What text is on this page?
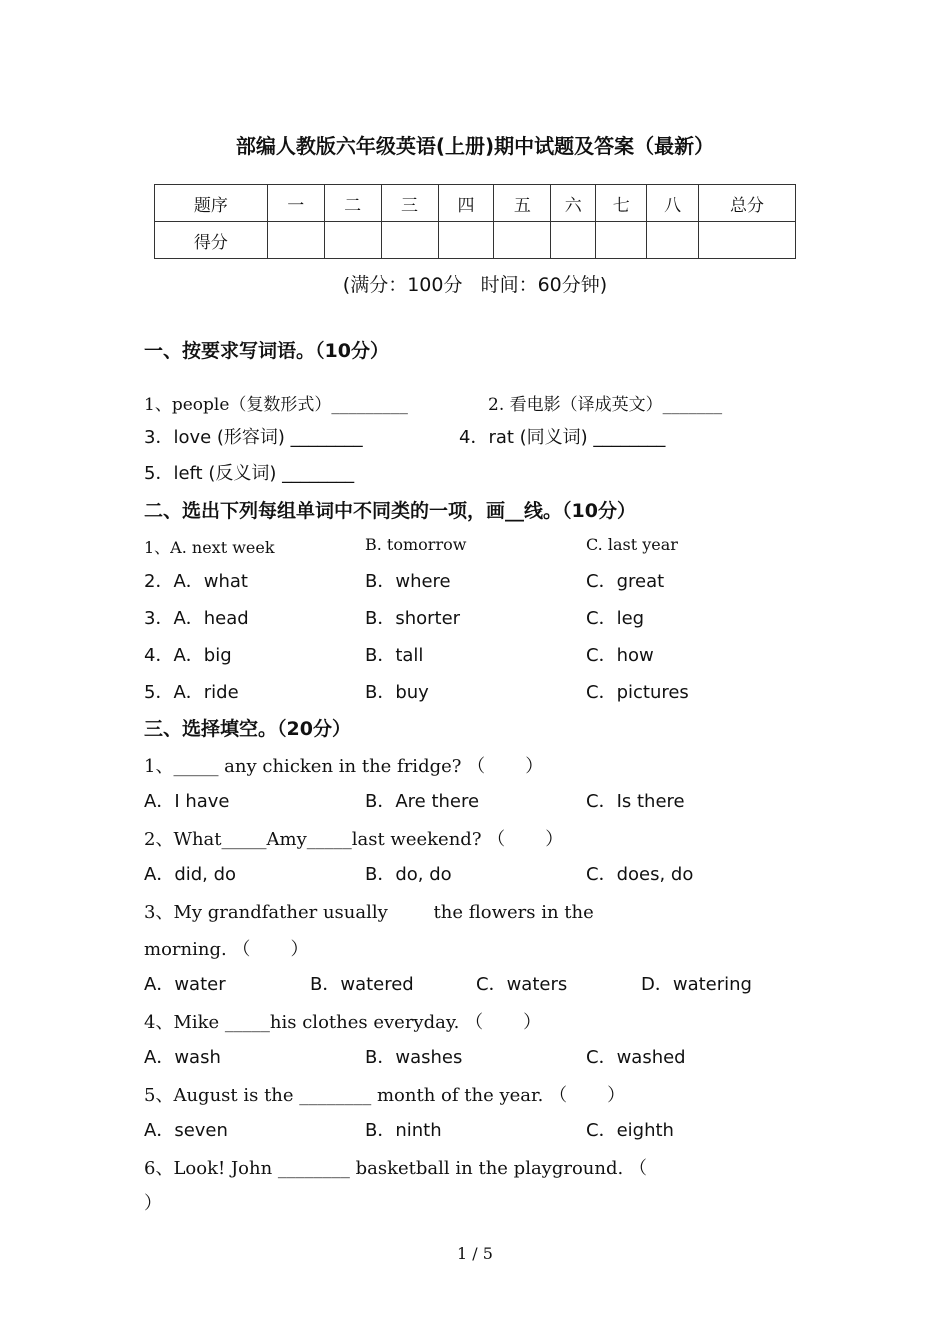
部编人教版六年级英语(上册)期中试题及答案（最新）
题序	一	二	三	四	五	六	七	八	总分
得分									
(满分：100分   时间：60分钟)
一、按要求写词语。（10分）
1、people（复数形式）_________	2. 看电影（译成英文）_______
3．love (形容词) ________	4．rat (同义词) ________
5．left (反义词) ________
二、选出下列每组单词中不同类的一项，画__线。（10分）
1、A. next week	B. tomorrow	C. last year
2．A．what	B．where	C．great
3．A．head	B．shorter	C．leg
4．A．big	B．tall	C．how
5．A．ride	B．buy	C．pictures
三、选择填空。（20分）
1、_____ any chicken in the fridge? （       ）
A．I have	B．Are there	C．Is there
2、What_____Amy_____last weekend? （       ）
A．did, do	B．do, do	C．does, do
3、My grandfather usually        the flowers in the
morning. （       ）
A．water	B．watered	C．waters	D．watering
4、Mike _____his clothes everyday. （       ）
A．wash	B．washes	C．washed
5、August is the ________ month of the year. （       ）
A．seven	B．ninth	C．eighth
6、Look! John ________ basketball in the playground. （
）
1 / 5
